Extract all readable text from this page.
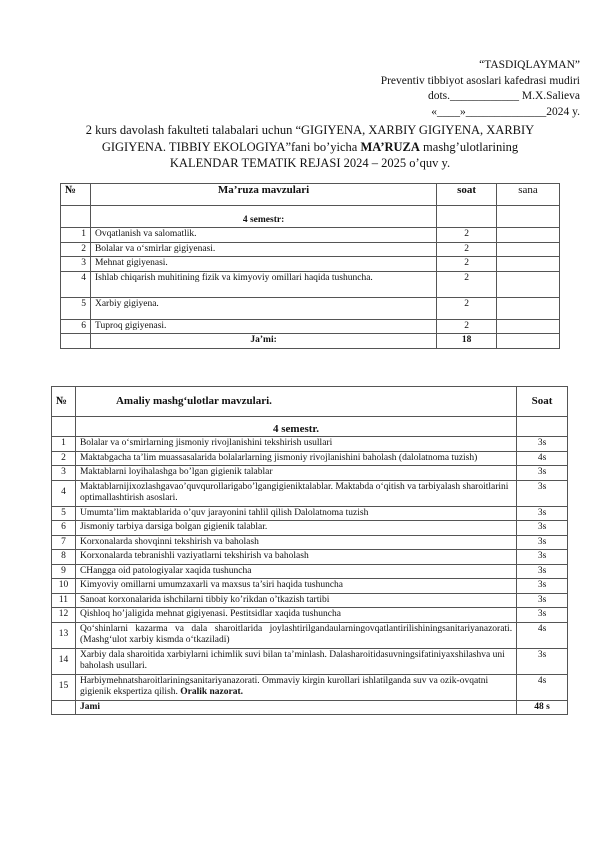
“TASDIQLAYMAN”
Preventiv tibbiyot asoslari kafedrasi mudiri
dots.____________ M.X.Salieva
«____»______________2024 y.
2 kurs davolash fakulteti talabalari uchun “GIGIYENA, XARBIY GIGIYENA, XARBIY
GIGIYENA. TIBBIY EKOLOGIYA”fani bo’yicha MA’RUZA mashg’ulotlarining
KALENDAR TEMATIK REJASI 2024 – 2025 o’quv y.
№	Ma’ruza mavzulari	soat	sana
	4 semestr:		
1	Ovqatlanish va salomatlik.	2	
2	Bolalar va o‘smirlar gigiyenasi.	2	
3	Mehnat gigiyenasi.	2	
4	Ishlab chiqarish muhitining fizik va kimyoviy omillari haqida tushuncha.	2	
5	Xarbiy gigiyena.	2	
6	Tuproq gigiyenasi.	2	
	Ja’mi:	18	
№	Amaliy mashg‘ulotlar mavzulari.	Soat
	4 semestr.	
1	Bolalar va o‘smirlarning jismoniy rivojlanishini tekshirish usullari	3s
2	Maktabgacha ta’lim muassasalarida bolalarlarning jismoniy rivojlanishini baholash (dalolatnoma tuzish)	4s
3	Maktablarni loyihalashga bo’lgan gigienik talablar	3s
4	Maktablarnijixozlashgavao’quvqurollarigabo’lgangigieniktalablar. Maktabda o‘qitish va tarbiyalash sharoitlarini optimallashtirish asoslari.	3s
5	Umumta’lim maktablarida o’quv jarayonini tahlil qilish Dalolatnoma tuzish	3s
6	Jismoniy tarbiya darsiga bolgan gigienik talablar.	3s
7	Korxonalarda shovqinni tekshirish va baholash	3s
8	Korxonalarda tebranishli vaziyatlarni tekshirish va baholash	3s
9	CHangga oid patologiyalar xaqida tushuncha	3s
10	Kimyoviy omillarni umumzaxarli va maxsus ta’siri haqida tushuncha	3s
11	Sanoat korxonalarida ishchilarni tibbiy ko’rikdan o’tkazish tartibi	3s
12	Qishloq ho’jaligida mehnat gigiyenasi. Pestitsidlar xaqida tushuncha	3s
13	Qo‘shinlarni kazarma va dala sharoitlarida joylashtirilgandaularningovqatlantirilishiningsanitariyanazorati. (Mashg‘ulot xarbiy kismda o‘tkaziladi)	4s
14	Xarbiy dala sharoitida xarbiylarni ichimlik suvi bilan ta’minlash. Dalasharoitidasuvningsifatiniyaxshilashva uni baholash usullari.	3s
15	Harbiymehnatsharoitlariningsanitariyanazorati. Ommaviy kirgin kurollari ishlatilganda suv va ozik-ovqatni gigienik ekspertiza qilish. Oralik nazorat.	4s
	Jami	48 s
